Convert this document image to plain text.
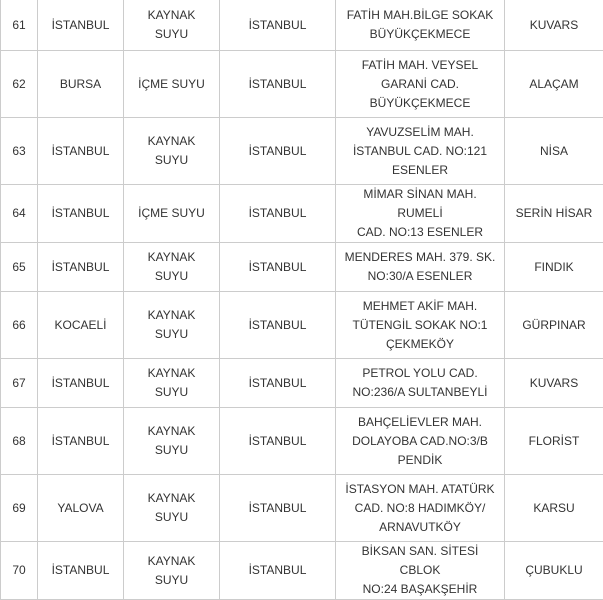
61	İSTANBUL	KAYNAK SUYU	İSTANBUL	FATİH MAH.BİLGE SOKAK
BÜYÜKÇEKMECE	KUVARS
62	BURSA	İÇME SUYU	İSTANBUL	FATİH MAH. VEYSEL
GARANİ CAD.
BÜYÜKÇEKMECE	ALAÇAM
63	İSTANBUL	KAYNAK SUYU	İSTANBUL	YAVUZSELİM MAH.
İSTANBUL CAD. NO:121
ESENLER	NİSA
64	İSTANBUL	İÇME SUYU	İSTANBUL	MİMAR SİNAN MAH. RUMELİ
CAD. NO:13 ESENLER	SERİN HİSAR
65	İSTANBUL	KAYNAK SUYU	İSTANBUL	MENDERES MAH. 379. SK.
NO:30/A ESENLER	FINDIK
66	KOCAELİ	KAYNAK SUYU	İSTANBUL	MEHMET AKİF MAH.
TÜTENGİL SOKAK NO:1
ÇEKMEKÖY	GÜRPINAR
67	İSTANBUL	KAYNAK SUYU	İSTANBUL	PETROL YOLU CAD.
NO:236/A SULTANBEYLİ	KUVARS
68	İSTANBUL	KAYNAK SUYU	İSTANBUL	BAHÇELİEVLER MAH.
DOLAYOBA CAD.NO:3/B
PENDİK	FLORİST
69	YALOVA	KAYNAK SUYU	İSTANBUL	İSTASYON MAH. ATATÜRK
CAD. NO:8 HADIMKÖY/
ARNAVUTKÖY	KARSU
70	İSTANBUL	KAYNAK SUYU	İSTANBUL	BİKSAN SAN. SİTESİ CBLOK
NO:24 BAŞAKŞEHİR	ÇUBUKLU
